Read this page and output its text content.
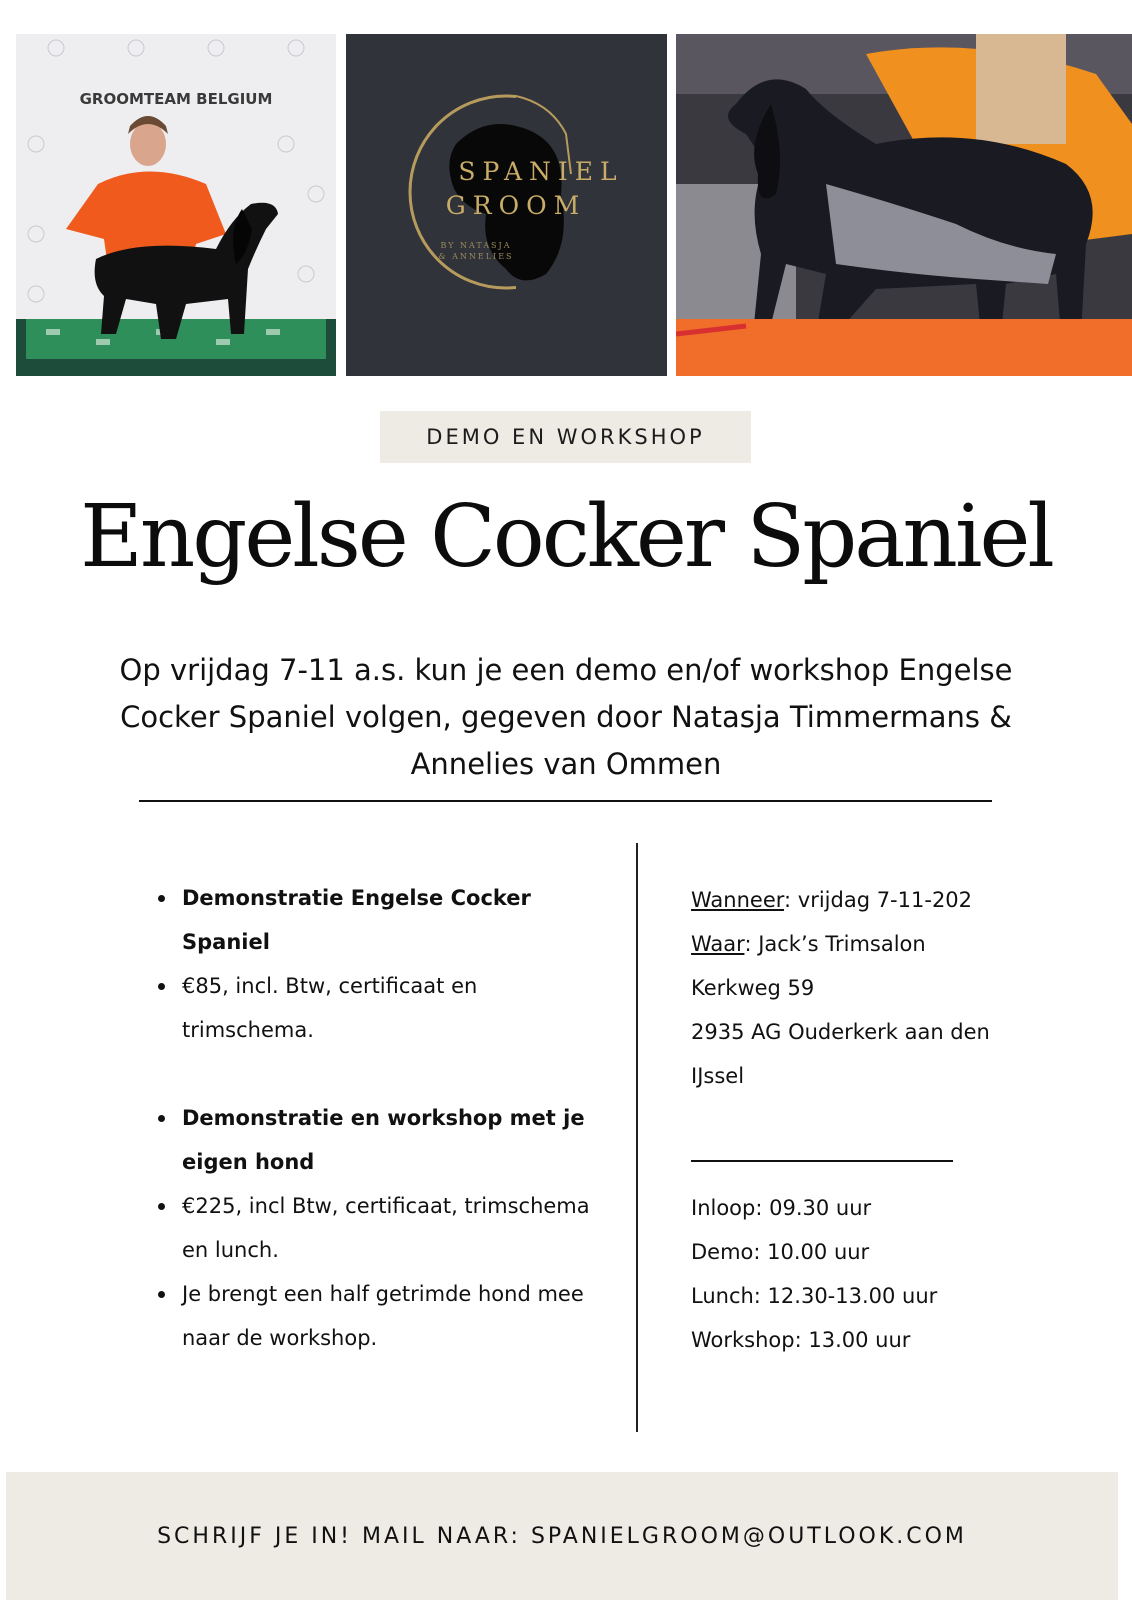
GROOMTEAM BELGIUM
SPANIEL
GROOM
BY NATASJA
& ANNELIES
DEMO EN WORKSHOP
Engelse Cocker Spaniel
Op vrijdag 7-11 a.s. kun je een demo en/of workshop Engelse Cocker Spaniel volgen, gegeven door Natasja Timmermans & Annelies van Ommen
Demonstratie Engelse Cocker Spaniel
€85, incl. Btw, certificaat en trimschema.
Demonstratie en workshop met je eigen hond
€225, incl Btw, certificaat, trimschema en lunch.
Je brengt een half getrimde hond mee naar de workshop.
Wanneer: vrijdag 7-11-202
Waar: Jack’s Trimsalon
Kerkweg 59
2935 AG Ouderkerk aan den
IJssel
Inloop: 09.30 uur
Demo: 10.00 uur
Lunch: 12.30-13.00 uur
Workshop: 13.00 uur
SCHRIJF JE IN! MAIL NAAR: SPANIELGROOM@OUTLOOK.COM
